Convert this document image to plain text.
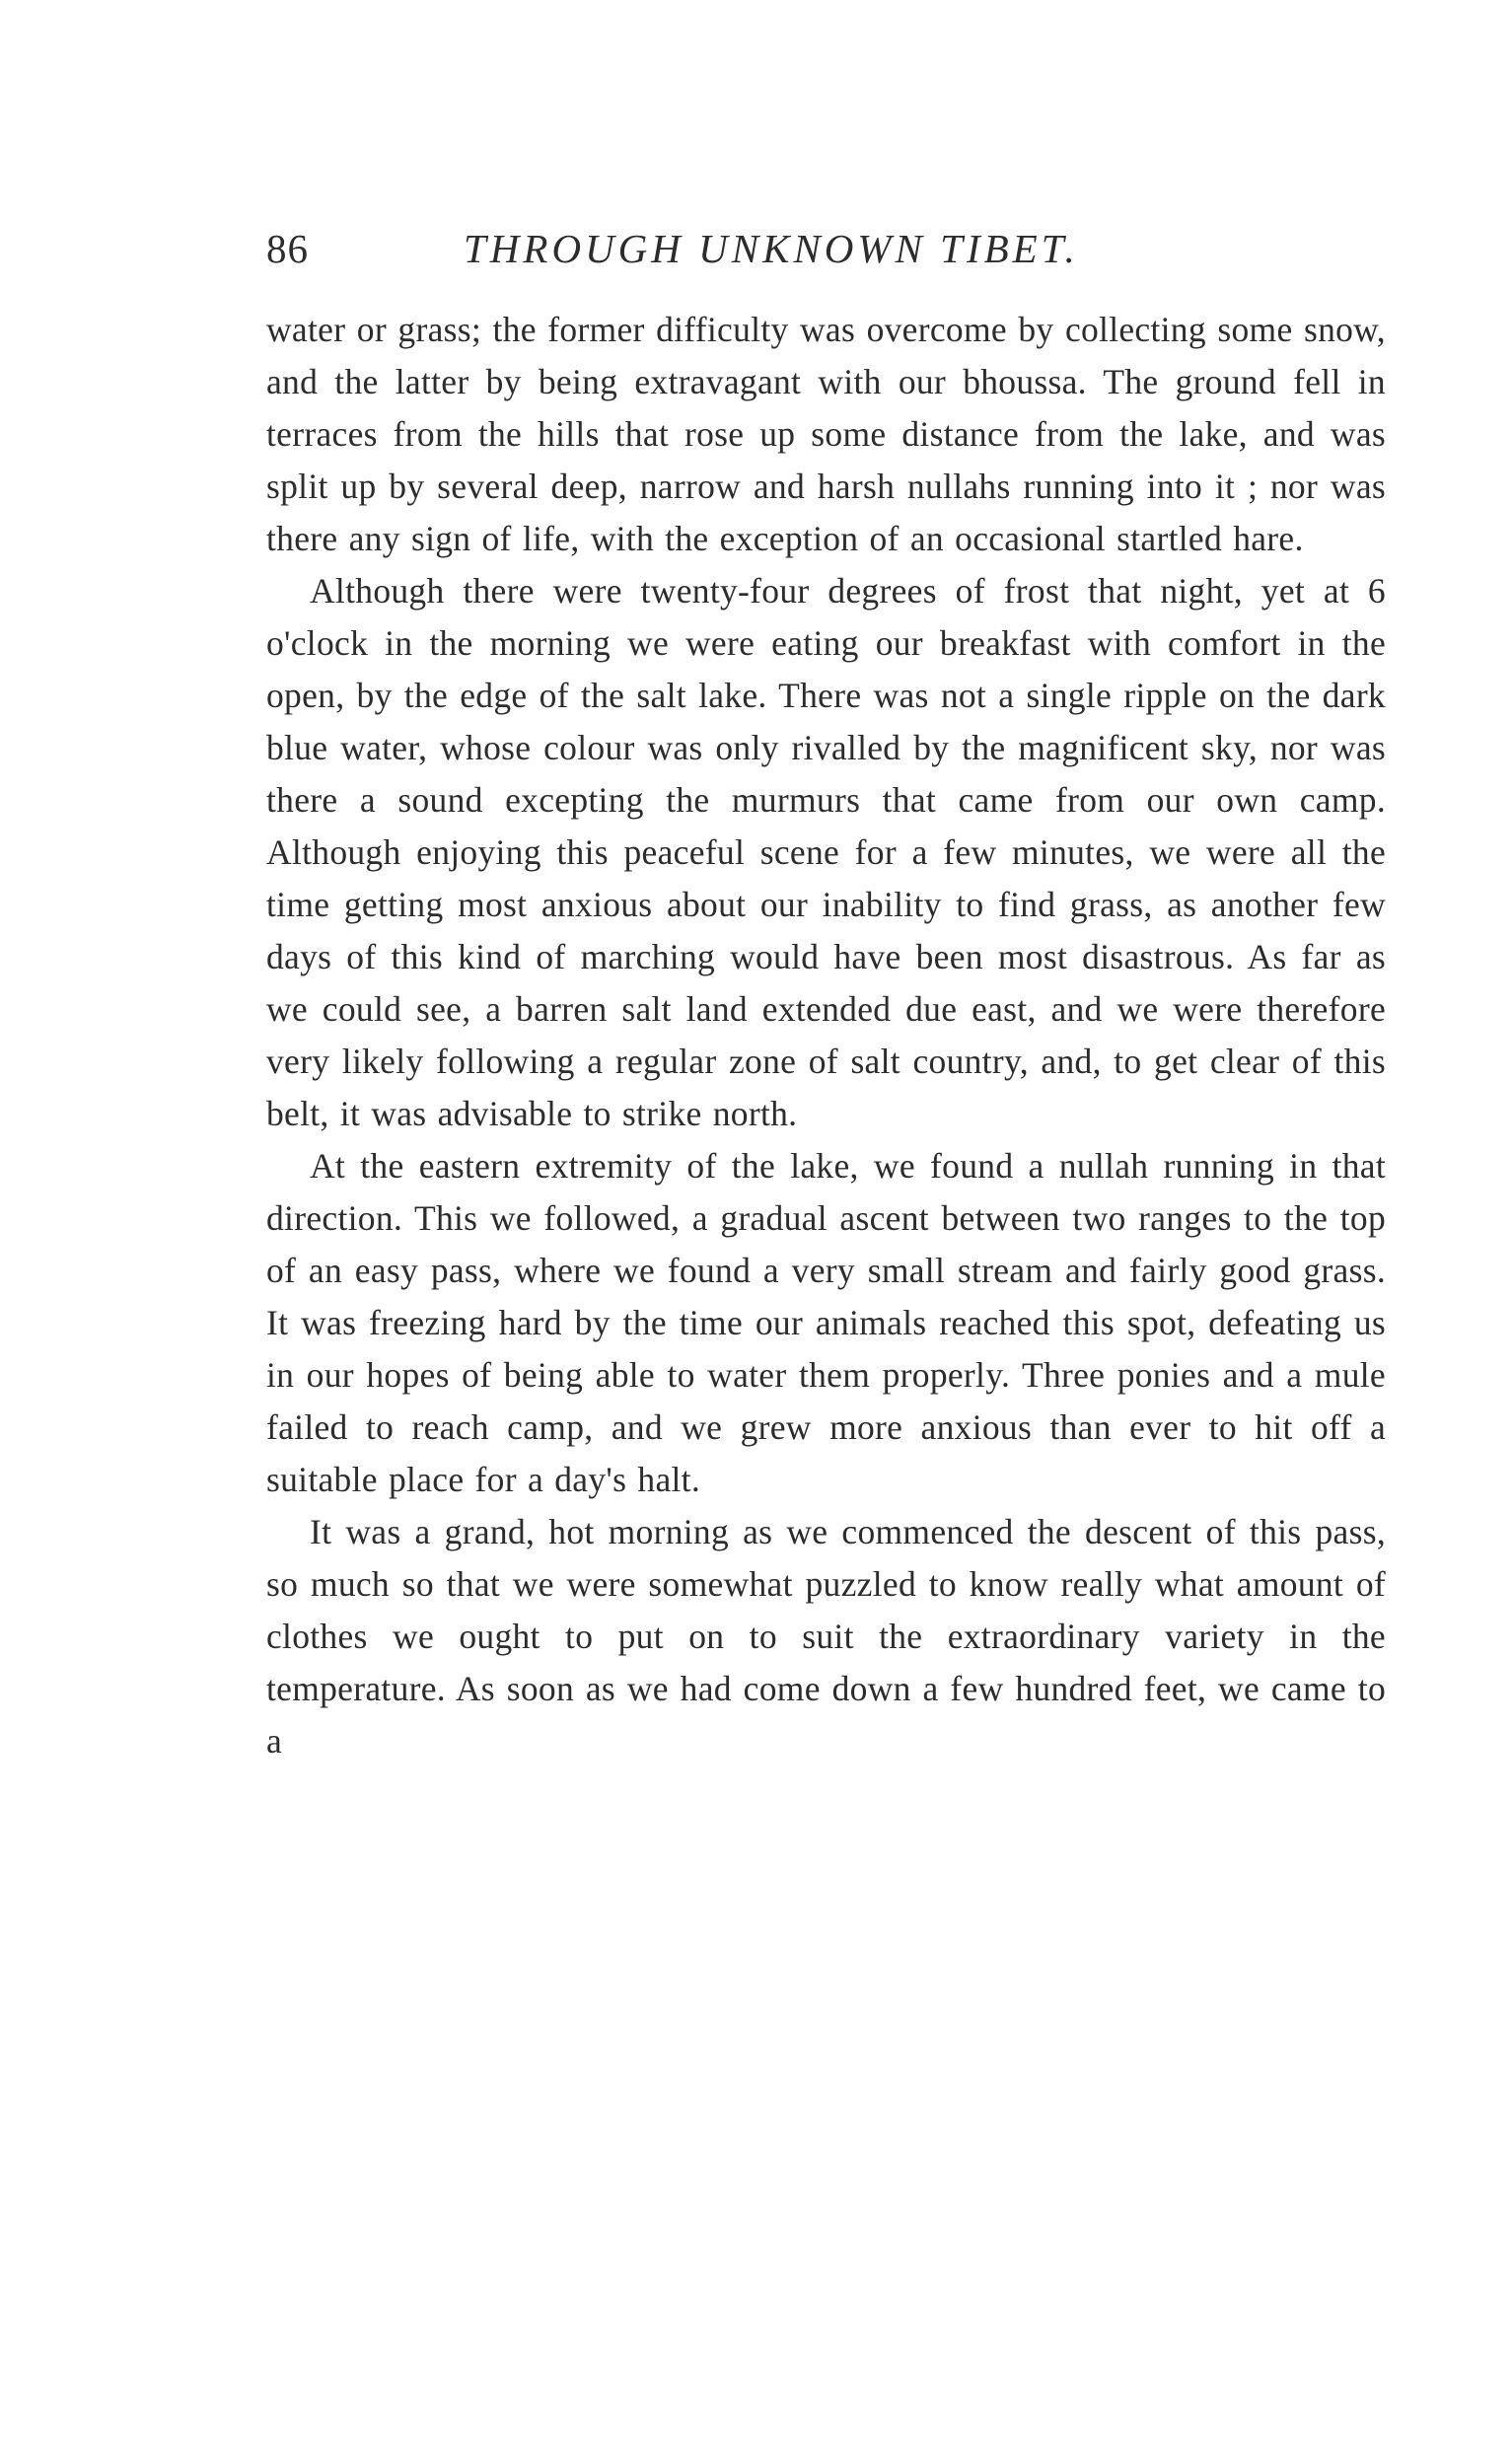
86	THROUGH UNKNOWN TIBET.

water or grass; the former difficulty was overcome by collecting some snow, and the latter by being extravagant with our bhoussa. The ground fell in terraces from the hills that rose up some distance from the lake, and was split up by several deep, narrow and harsh nullahs running into it ; nor was there any sign of life, with the exception of an occasional startled hare.

Although there were twenty-four degrees of frost that night, yet at 6 o'clock in the morning we were eating our breakfast with comfort in the open, by the edge of the salt lake. There was not a single ripple on the dark blue water, whose colour was only rivalled by the magnificent sky, nor was there a sound excepting the murmurs that came from our own camp. Although enjoying this peaceful scene for a few minutes, we were all the time getting most anxious about our inability to find grass, as another few days of this kind of marching would have been most disastrous. As far as we could see, a barren salt land extended due east, and we were therefore very likely following a regular zone of salt country, and, to get clear of this belt, it was advisable to strike north.

At the eastern extremity of the lake, we found a nullah running in that direction. This we followed, a gradual ascent between two ranges to the top of an easy pass, where we found a very small stream and fairly good grass. It was freezing hard by the time our animals reached this spot, defeating us in our hopes of being able to water them properly. Three ponies and a mule failed to reach camp, and we grew more anxious than ever to hit off a suitable place for a day's halt.

It was a grand, hot morning as we commenced the descent of this pass, so much so that we were somewhat puzzled to know really what amount of clothes we ought to put on to suit the extraordinary variety in the temperature. As soon as we had come down a few hundred feet, we came to a
